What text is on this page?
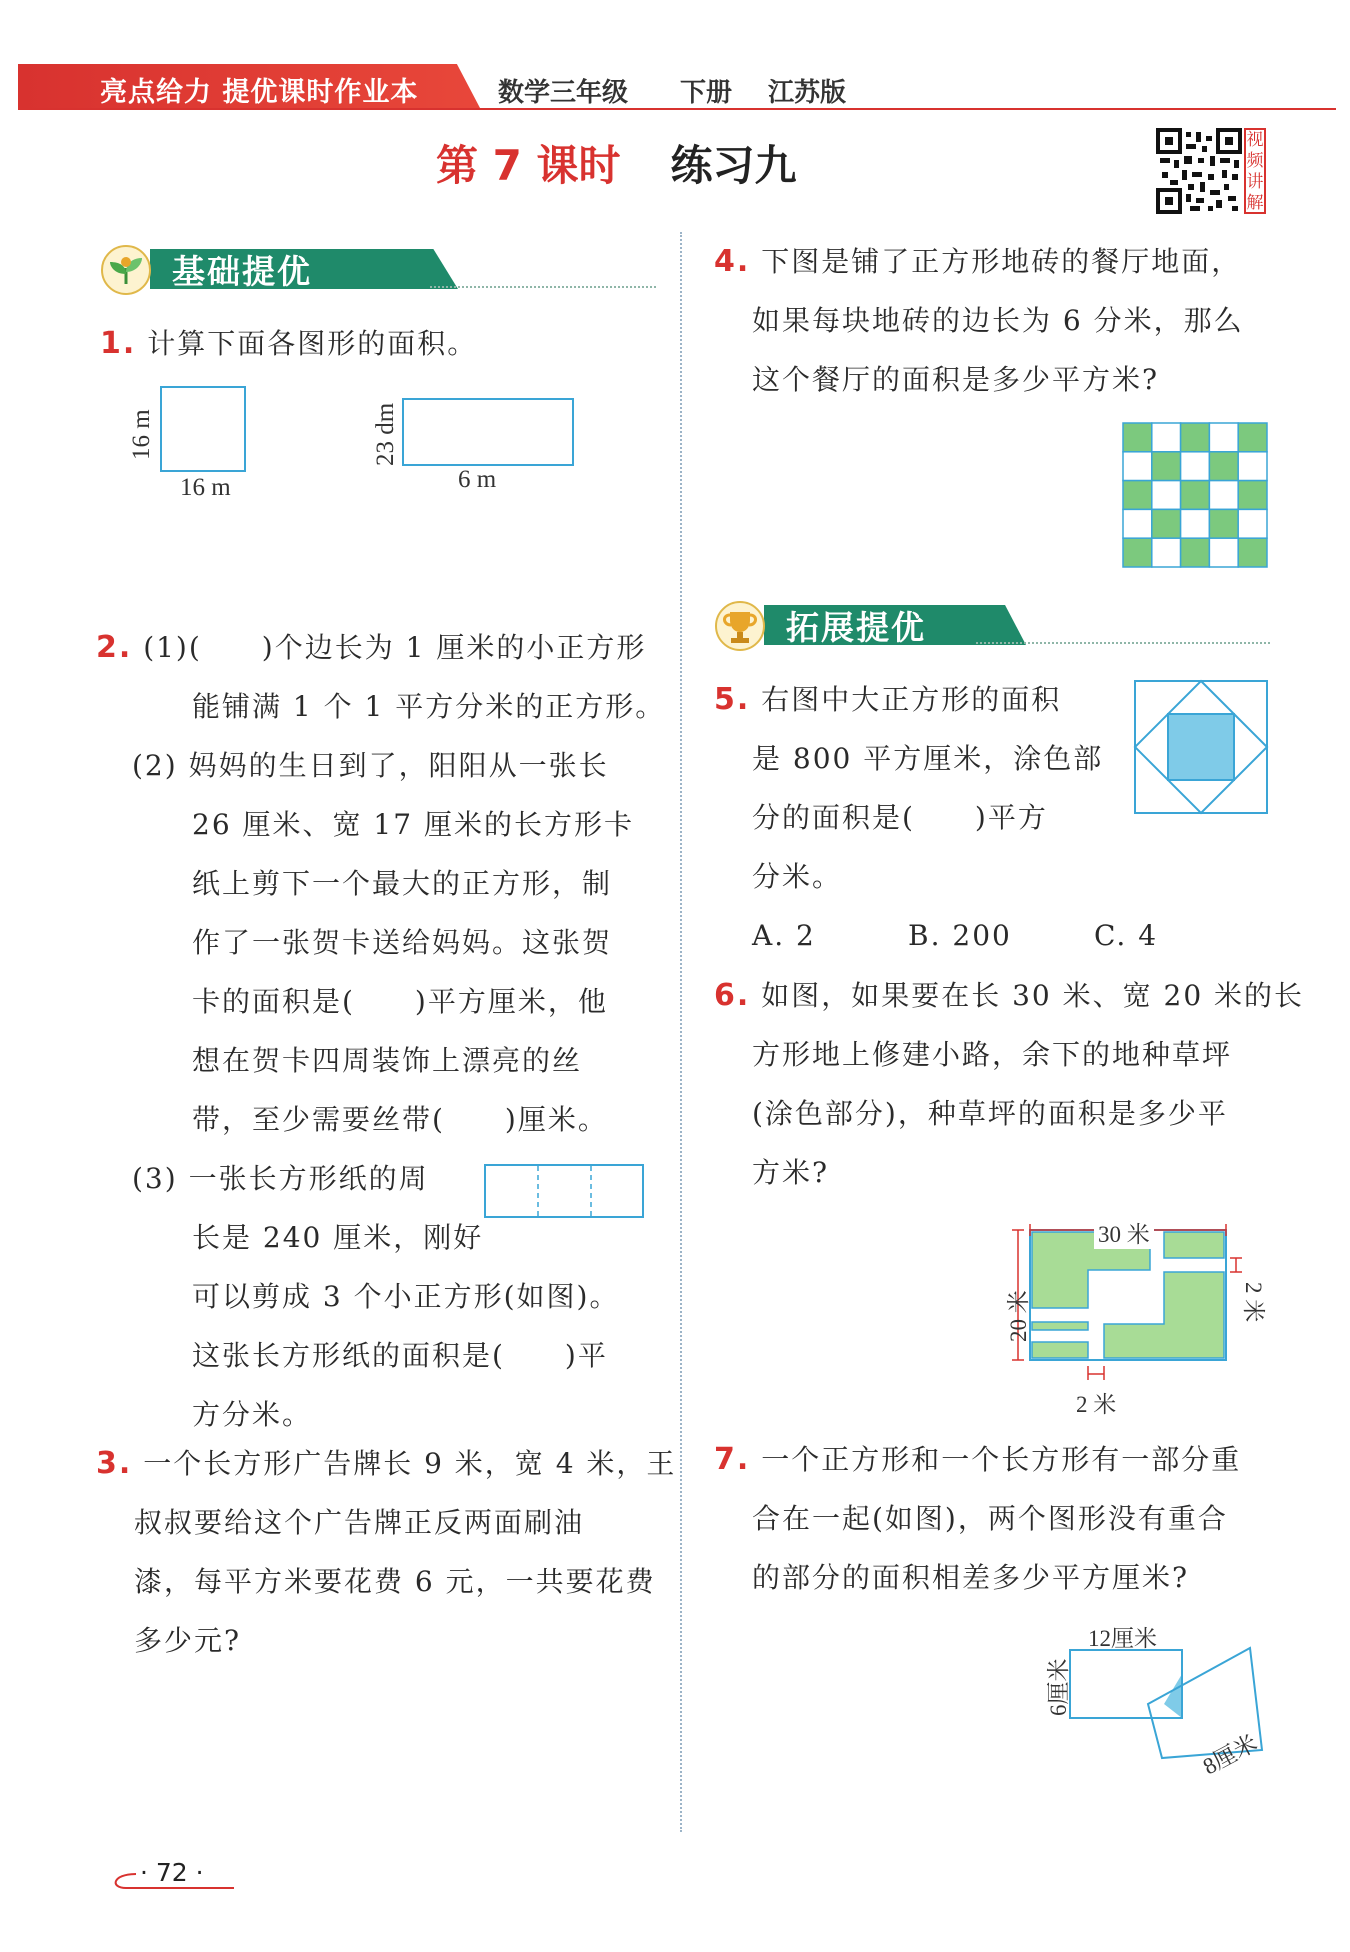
亮点给力 提优课时作业本	数学三年级 下册 江苏版
第 7 课时 练习九
视频讲解
基础提优
1. 计算下面各图形的面积。
16 m
16 m
23 dm
6 m
2. (1)(　　)个边长为 1 厘米的小正方形
能铺满 1 个 1 平方分米的正方形。
(2) 妈妈的生日到了，阳阳从一张长
26 厘米、宽 17 厘米的长方形卡
纸上剪下一个最大的正方形，制
作了一张贺卡送给妈妈。这张贺
卡的面积是(　　)平方厘米，他
想在贺卡四周装饰上漂亮的丝
带，至少需要丝带(　　)厘米。
(3) 一张长方形纸的周
长是 240 厘米，刚好
可以剪成 3 个小正方形(如图)。
这张长方形纸的面积是(　　)平
方分米。
3. 一个长方形广告牌长 9 米，宽 4 米，王
叔叔要给这个广告牌正反两面刷油
漆，每平方米要花费 6 元，一共要花费
多少元?
4. 下图是铺了正方形地砖的餐厅地面，
如果每块地砖的边长为 6 分米，那么
这个餐厅的面积是多少平方米?
拓展提优
5. 右图中大正方形的面积
是 800 平方厘米，涂色部
分的面积是(　　)平方
分米。
A. 2	B. 200	C. 4
6. 如图，如果要在长 30 米、宽 20 米的长
方形地上修建小路，余下的地种草坪
(涂色部分)，种草坪的面积是多少平
方米?
30 米
20 米	2 米
2 米
7. 一个正方形和一个长方形有一部分重
合在一起(如图)，两个图形没有重合
的部分的面积相差多少平方厘米?
12厘米
6厘米
8厘米
· 72 ·
